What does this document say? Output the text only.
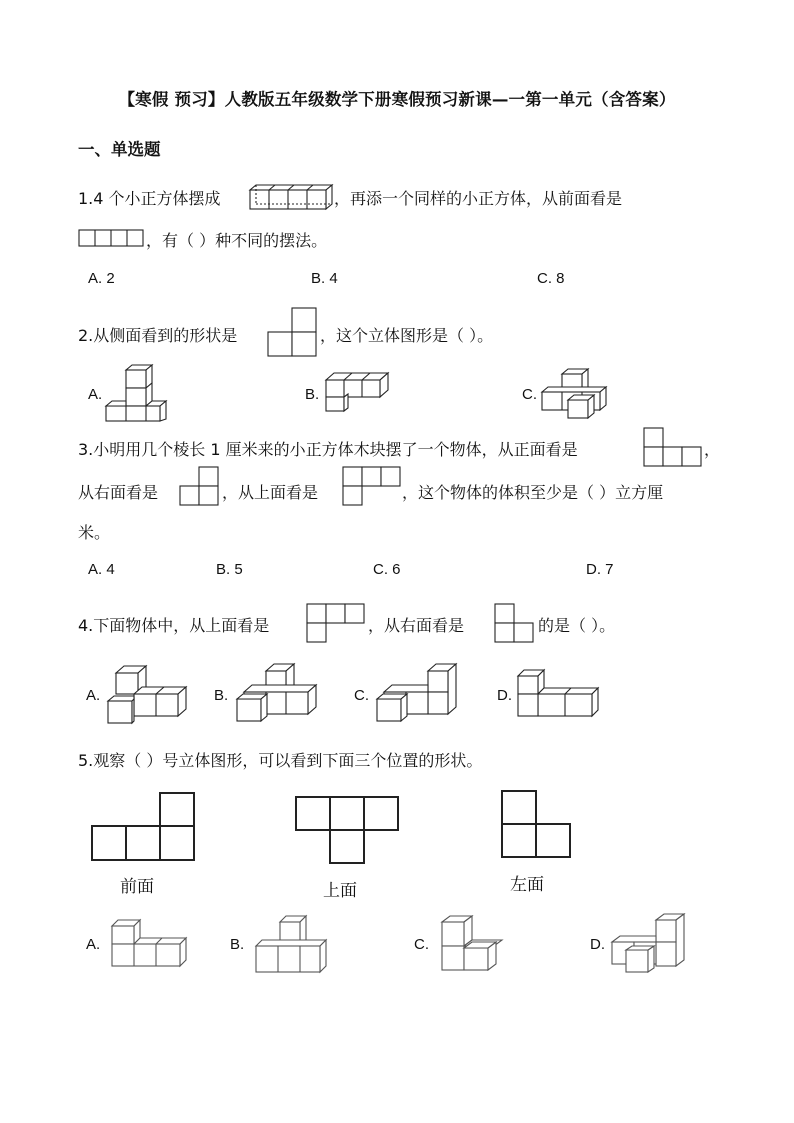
【寒假 预习】人教版五年级数学下册寒假预习新课—一第一单元（含答案）
一、单选题
1.4 个小正方体摆成	，再添一个同样的小正方体，从前面看是
，有（ ）种不同的摆法。
A. 2	B. 4	C. 8
2.从侧面看到的形状是	，这个立体图形是（ ）。
A.	B.	C.
3.小明用几个棱长 1 厘米来的小正方体木块摆了一个物体，从正面看是	，
从右面看是	，从上面看是	，这个物体的体积至少是（ ）立方厘
米。
A. 4	B. 5	C. 6	D. 7
4.下面物体中，从上面看是	，从右面看是	的是（ ）。
A.	B.	C.	D.
5.观察（ ）号立体图形，可以看到下面三个位置的形状。
前面	上面	左面
A.	B.	C.	D.
